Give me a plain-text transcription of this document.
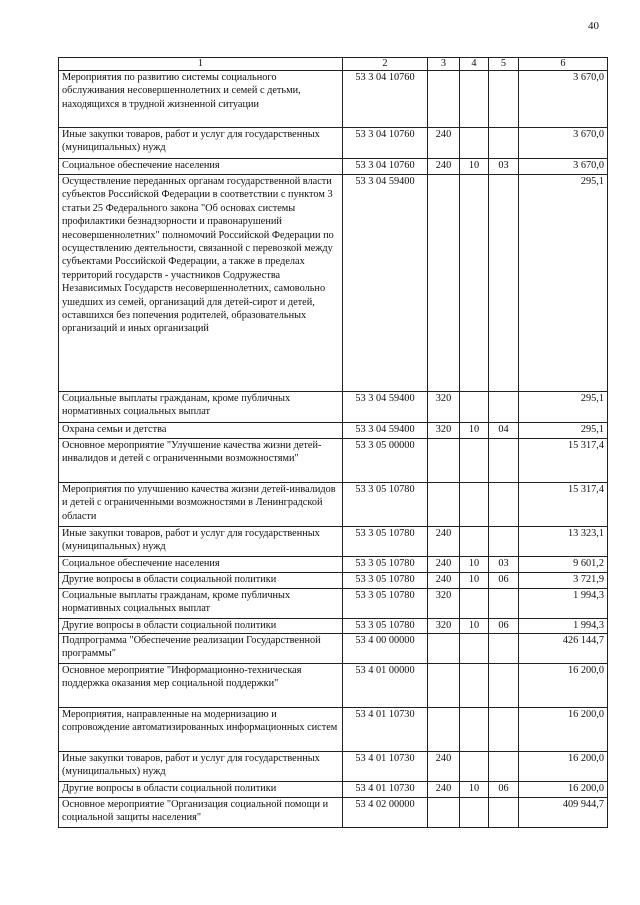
40
1	2	3	4	5	6
Мероприятия по развитию системы социального обслуживания несовершеннолетних и семей с детьми, находящихся в трудной жизненной ситуации	53 3 04 10760				3 670,0
Иные закупки товаров, работ и услуг для государственных (муниципальных) нужд	53 3 04 10760	240			3 670,0
Социальное обеспечение населения	53 3 04 10760	240	10	03	3 670,0
Осуществление переданных органам государственной власти субъектов Российской Федерации в соответствии с пунктом 3 статьи 25 Федерального закона "Об основах системы профилактики безнадзорности и правонарушений несовершеннолетних" полномочий Российской Федерации по осуществлению деятельности, связанной с перевозкой между субъектами Российской Федерации, а также в пределах территорий государств - участников Содружества Независимых Государств несовершеннолетних, самовольно ушедших из семей, организаций для детей-сирот и детей, оставшихся без попечения родителей, образовательных организаций и иных организаций	53 3 04 59400				295,1
Социальные выплаты гражданам, кроме публичных нормативных социальных выплат	53 3 04 59400	320			295,1
Охрана семьи и детства	53 3 04 59400	320	10	04	295,1
Основное мероприятие "Улучшение качества жизни детей-инвалидов и детей с ограниченными возможностями"	53 3 05 00000				15 317,4
Мероприятия по улучшению качества жизни детей-инвалидов и детей с ограниченными возможностями в Ленинградской области	53 3 05 10780				15 317,4
Иные закупки товаров, работ и услуг для государственных (муниципальных) нужд	53 3 05 10780	240			13 323,1
Социальное обеспечение населения	53 3 05 10780	240	10	03	9 601,2
Другие вопросы в области социальной политики	53 3 05 10780	240	10	06	3 721,9
Социальные выплаты гражданам, кроме публичных нормативных социальных выплат	53 3 05 10780	320			1 994,3
Другие вопросы в области социальной политики	53 3 05 10780	320	10	06	1 994,3
Подпрограмма "Обеспечение реализации Государственной программы"	53 4 00 00000				426 144,7
Основное мероприятие "Информационно-техническая поддержка оказания мер социальной поддержки"	53 4 01 00000				16 200,0
Мероприятия, направленные на модернизацию и сопровождение автоматизированных информационных систем	53 4 01 10730				16 200,0
Иные закупки товаров, работ и услуг для государственных (муниципальных) нужд	53 4 01 10730	240			16 200,0
Другие вопросы в области социальной политики	53 4 01 10730	240	10	06	16 200,0
Основное мероприятие "Организация социальной помощи и социальной защиты населения"	53 4 02 00000				409 944,7
